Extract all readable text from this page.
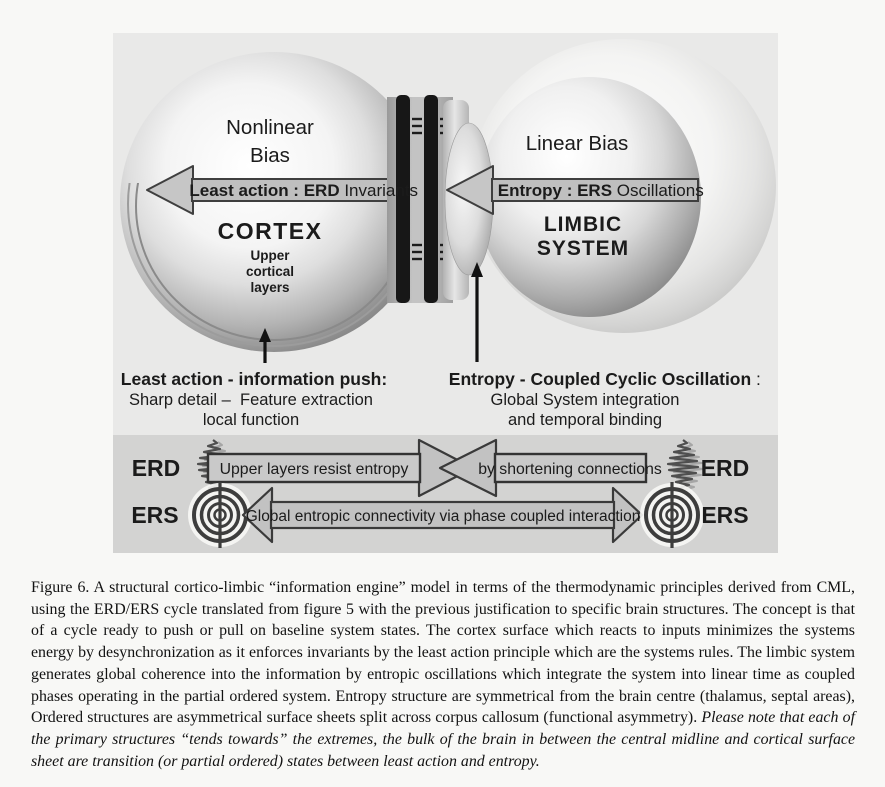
Nonlinear
Bias
Linear Bias
Least action : ERD Invariants	Entropy : ERS Oscillations
CORTEX
Upper
cortical
layers
LIMBIC
SYSTEM
Least action - information push:
Sharp detail –  Feature extraction
local function
Entropy - Coupled Cyclic Oscillation :
Global System integration
and temporal binding
ERD Upper layers resist entropy	by shortening connections ERD
ERS	Global entropic connectivity via phase coupled interaction	ERS

Figure 6. A structural cortico-limbic “information engine” model in terms of the thermodynamic principles derived from CML, using the ERD/ERS cycle translated from figure 5 with the previous justification to specific brain structures. The concept is that of a cycle ready to push or pull on baseline system states. The cortex surface which reacts to inputs minimizes the systems energy by desynchronization as it enforces invariants by the least action principle which are the systems rules. The limbic system generates global coherence into the information by entropic oscillations which integrate the system into linear time as coupled phases operating in the partial ordered system. Entropy structure are symmetrical from the brain centre (thalamus, septal areas), Ordered structures are asymmetrical surface sheets split across corpus callosum (functional asymmetry). Please note that each of the primary structures “tends towards” the extremes, the bulk of the brain in between the central midline and cortical surface sheet are transition (or partial ordered) states between least action and entropy.
